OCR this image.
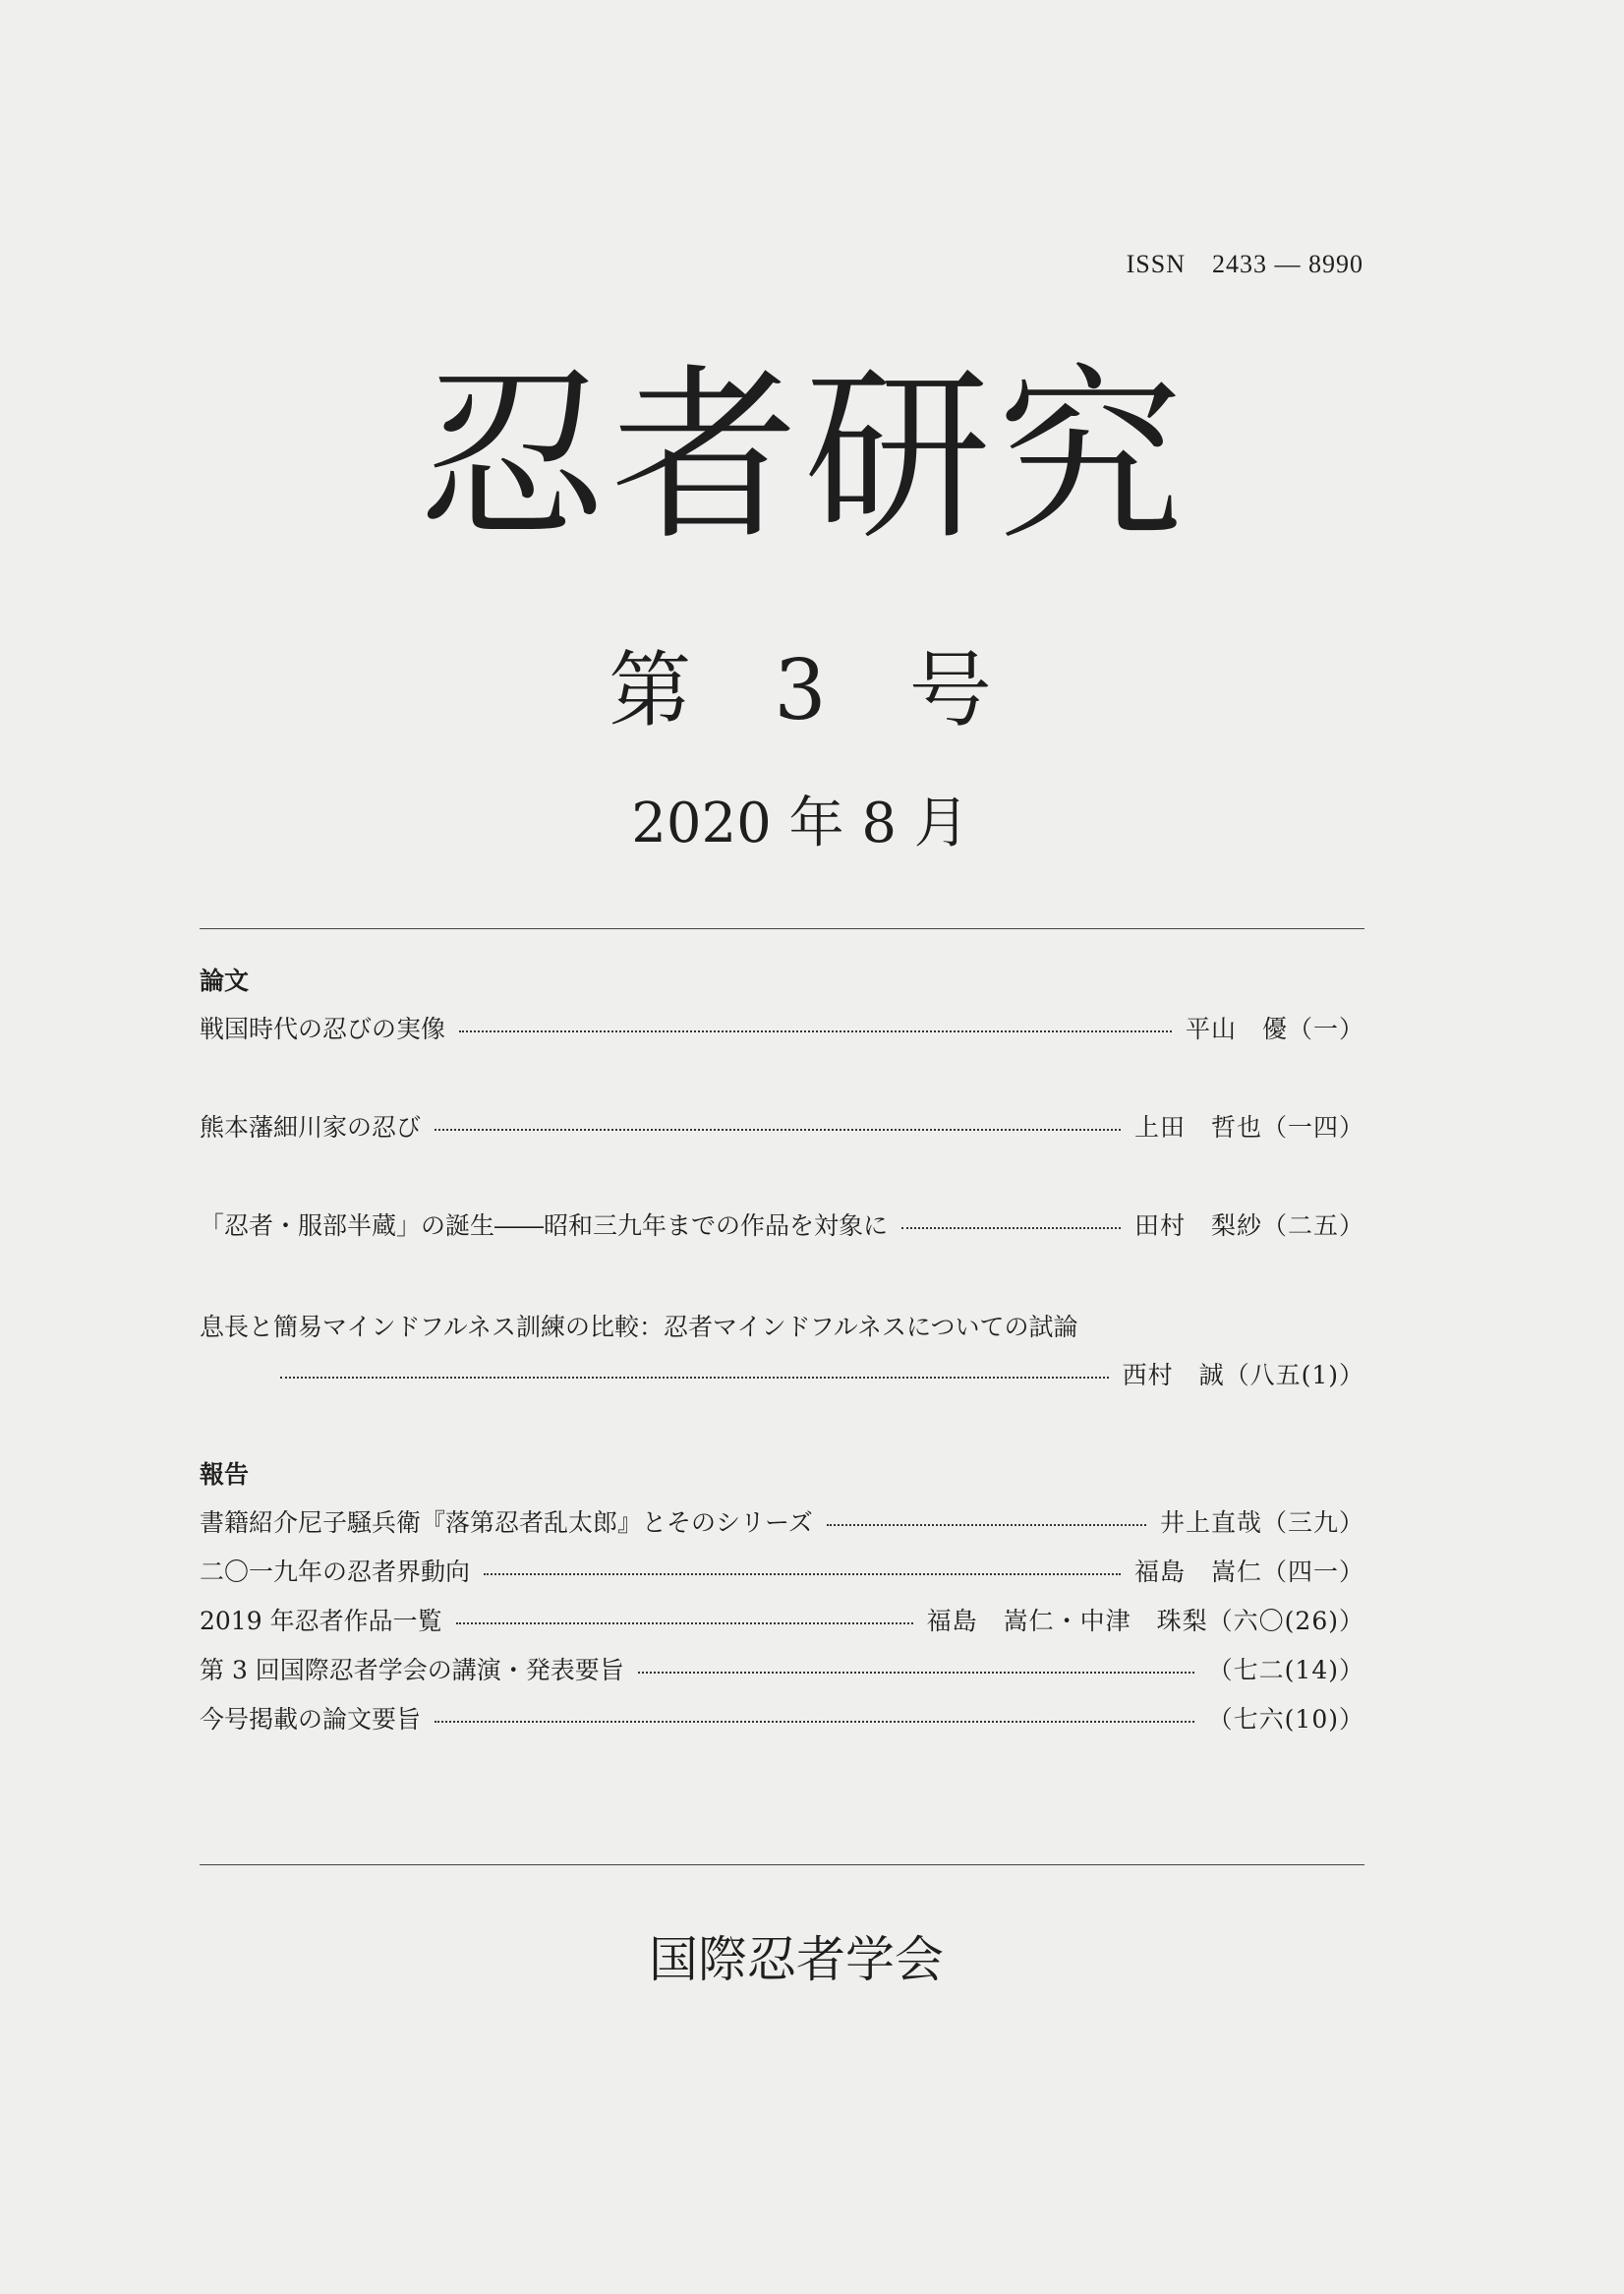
ISSN　2433 — 8990
忍者研究
第　3　号
2020 年 8 月
論文
戦国時代の忍びの実像	平山　優（一）
熊本藩細川家の忍び	上田　哲也（一四）
「忍者・服部半蔵」の誕生――昭和三九年までの作品を対象に	田村　梨紗（二五）
息長と簡易マインドフルネス訓練の比較：忍者マインドフルネスについての試論
西村　誠（八五(1)）
報告
書籍紹介尼子騒兵衛『落第忍者乱太郎』とそのシリーズ	井上直哉（三九）
二〇一九年の忍者界動向	福島　嵩仁（四一）
2019 年忍者作品一覧	福島　嵩仁・中津　珠梨（六〇(26)）
第 3 回国際忍者学会の講演・発表要旨	（七二(14)）
今号掲載の論文要旨	（七六(10)）
国際忍者学会
